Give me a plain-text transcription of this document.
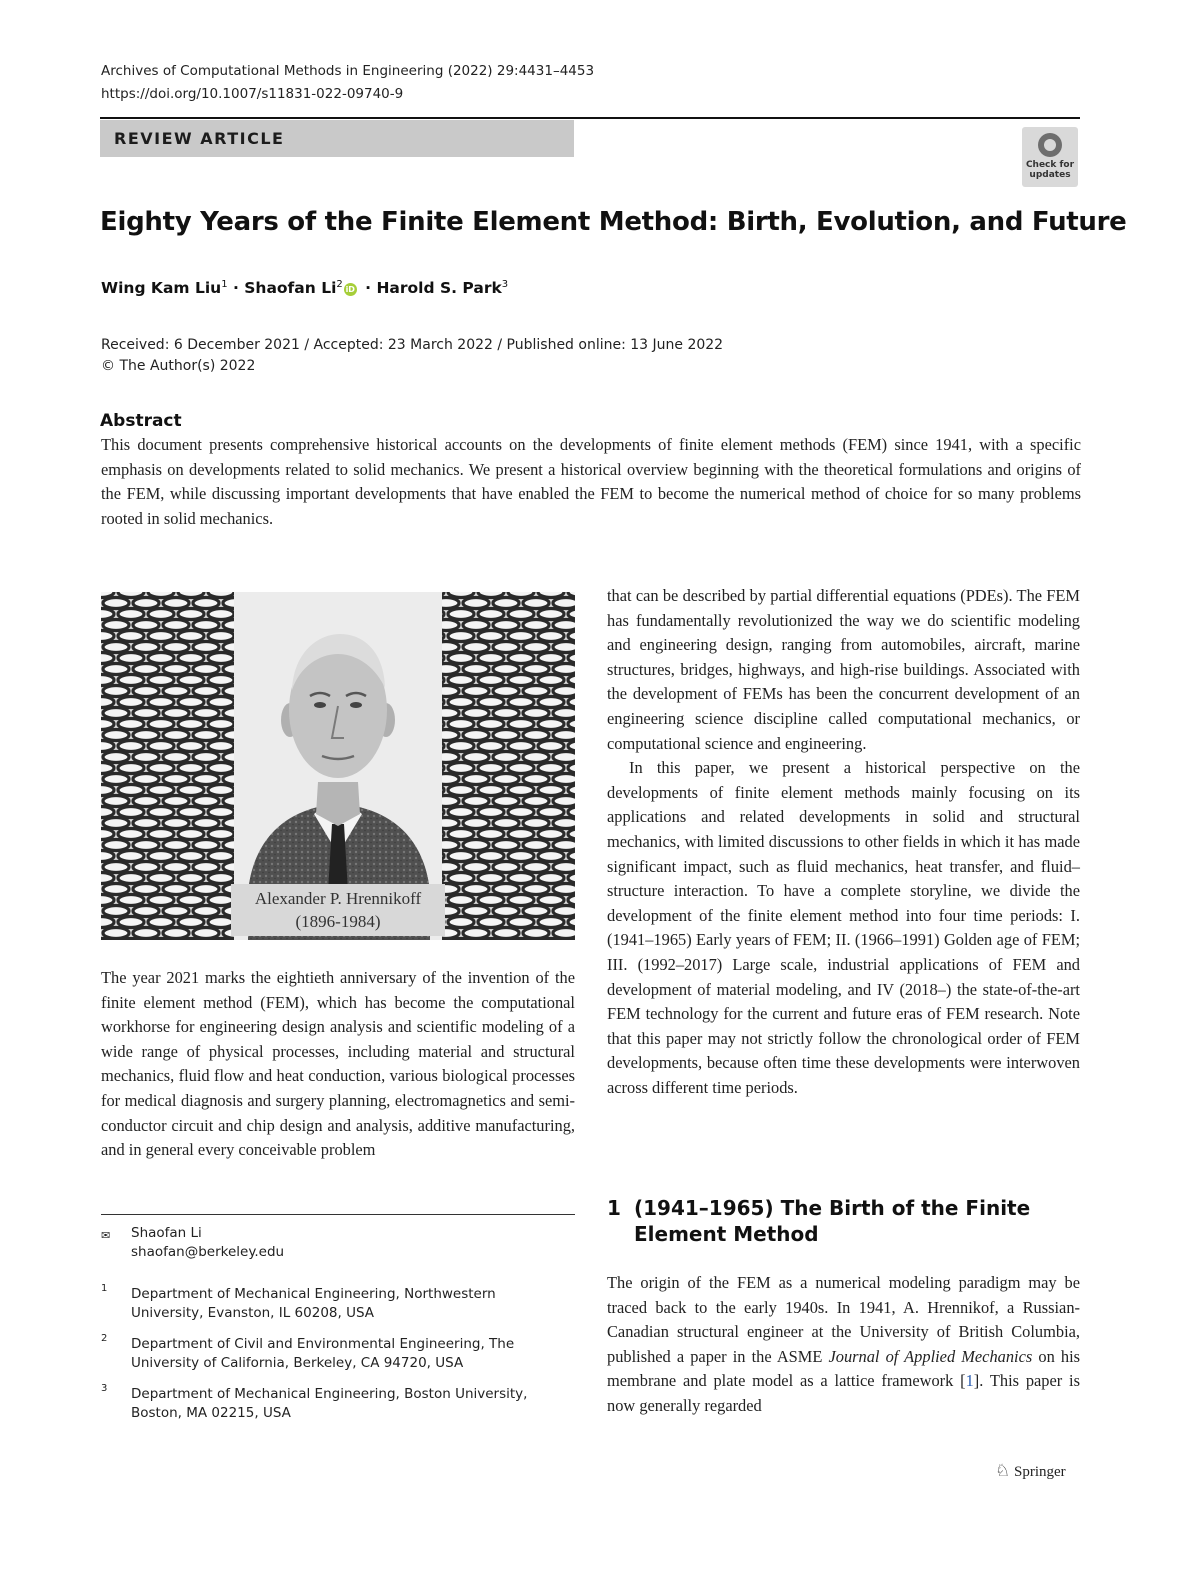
Archives of Computational Methods in Engineering (2022) 29:4431–4453
https://doi.org/10.1007/s11831-022-09740-9
REVIEW ARTICLE
Check for
updates
Eighty Years of the Finite Element Method: Birth, Evolution, and Future
Wing Kam Liu$^1$ · Shaofan Li$^2$ iD · Harold S. Park$^3$
Received: 6 December 2021 / Accepted: 23 March 2022 / Published online: 13 June 2022
© The Author(s) 2022
Abstract
This document presents comprehensive historical accounts on the developments of finite element methods (FEM) since 1941, with a specific emphasis on developments related to solid mechanics. We present a historical overview beginning with the theoretical formulations and origins of the FEM, while discussing important developments that have enabled the FEM to become the numerical method of choice for so many problems rooted in solid mechanics.
Alexander P. Hrennikoff
(1896-1984)

The year 2021 marks the eightieth anniversary of the invention of the finite element method (FEM), which has become the computational workhorse for engineering design analysis and scientific modeling of a wide range of physical processes, including material and structural mechanics, fluid flow and heat conduction, various biological processes for medical diagnosis and surgery planning, electromagnetics and semi-conductor circuit and chip design and analysis, additive manufacturing, and in general every conceivable problem

✉ Shaofan Li
shaofan@berkeley.edu
1 Department of Mechanical Engineering, Northwestern University, Evanston, IL 60208, USA
2 Department of Civil and Environmental Engineering, The University of California, Berkeley, CA 94720, USA
3 Department of Mechanical Engineering, Boston University, Boston, MA 02215, USA

that can be described by partial differential equations (PDEs). The FEM has fundamentally revolutionized the way we do scientific modeling and engineering design, ranging from automobiles, aircraft, marine structures, bridges, highways, and high-rise buildings. Associated with the development of FEMs has been the concurrent development of an engineering science discipline called computational mechanics, or computational science and engineering.

In this paper, we present a historical perspective on the developments of finite element methods mainly focusing on its applications and related developments in solid and structural mechanics, with limited discussions to other fields in which it has made significant impact, such as fluid mechanics, heat transfer, and fluid–structure interaction. To have a complete storyline, we divide the development of the finite element method into four time periods: I. (1941–1965) Early years of FEM; II. (1966–1991) Golden age of FEM; III. (1992–2017) Large scale, industrial applications of FEM and development of material modeling, and IV (2018–) the state-of-the-art FEM technology for the current and future eras of FEM research. Note that this paper may not strictly follow the chronological order of FEM developments, because often time these developments were interwoven across different time periods.

1 (1941–1965) The Birth of the Finite Element Method

The origin of the FEM as a numerical modeling paradigm may be traced back to the early 1940s. In 1941, A. Hrennikof, a Russian-Canadian structural engineer at the University of British Columbia, published a paper in the ASME Journal of Applied Mechanics on his membrane and plate model as a lattice framework [1]. This paper is now generally regarded

♘ Springer
